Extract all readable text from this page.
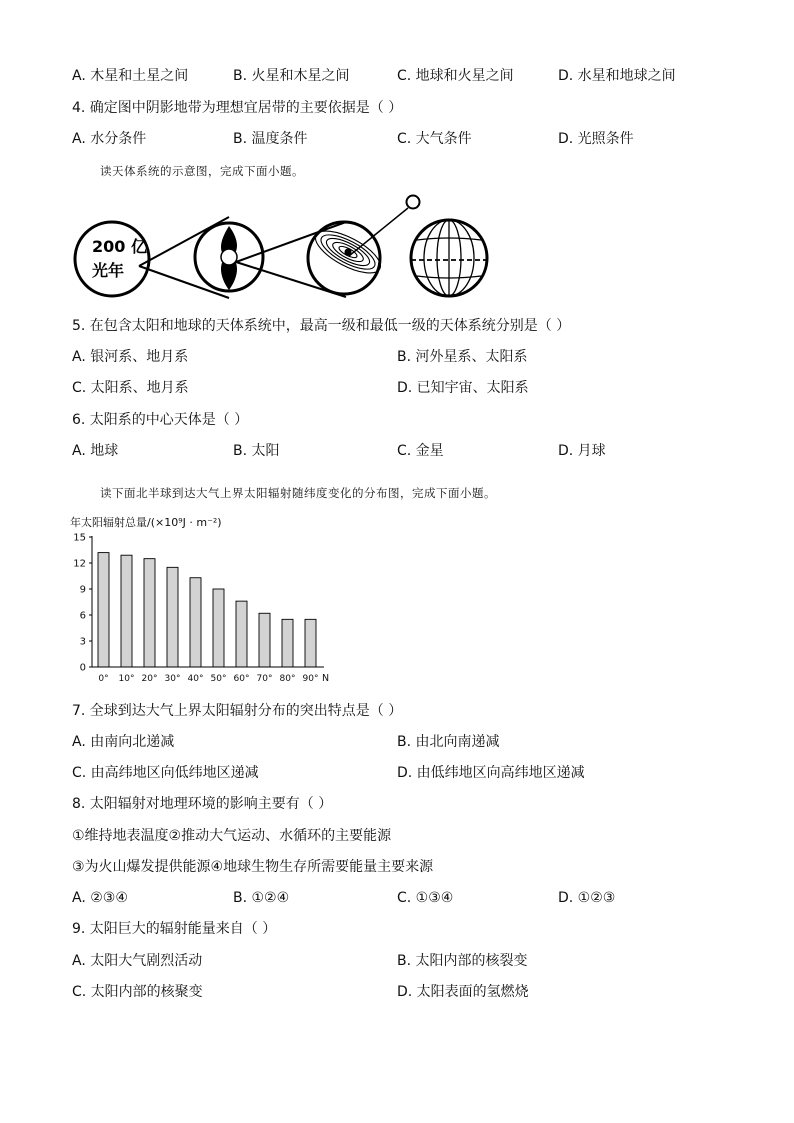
A. 木星和土星之间	B. 火星和木星之间	C. 地球和火星之间	D. 水星和地球之间
4. 确定图中阴影地带为理想宜居带的主要依据是（ ）
A. 水分条件	B. 温度条件	C. 大气条件	D. 光照条件
读天体系统的示意图，完成下面小题。
200 亿
光年
5. 在包含太阳和地球的天体系统中，最高一级和最低一级的天体系统分别是（ ）
A. 银河系、地月系	B. 河外星系、太阳系
C. 太阳系、地月系	D. 已知宇宙、太阳系
6. 太阳系的中心天体是（ ）
A. 地球	B. 太阳	C. 金星	D. 月球
读下面北半球到达大气上界太阳辐射随纬度变化的分布图，完成下面小题。
年太阳辐射总量/(×10⁹J · m⁻²)
0
3
6
9
12
15
0° 10° 20° 30° 40° 50° 60° 70° 80° 90° N
7. 全球到达大气上界太阳辐射分布的突出特点是（ ）
A. 由南向北递减	B. 由北向南递减
C. 由高纬地区向低纬地区递减	D. 由低纬地区向高纬地区递减
8. 太阳辐射对地理环境的影响主要有（ ）
①维持地表温度②推动大气运动、水循环的主要能源
③为火山爆发提供能源④地球生物生存所需要能量主要来源
A. ②③④	B. ①②④	C. ①③④	D. ①②③
9. 太阳巨大的辐射能量来自（ ）
A. 太阳大气剧烈活动	B. 太阳内部的核裂变
C. 太阳内部的核聚变	D. 太阳表面的氢燃烧
